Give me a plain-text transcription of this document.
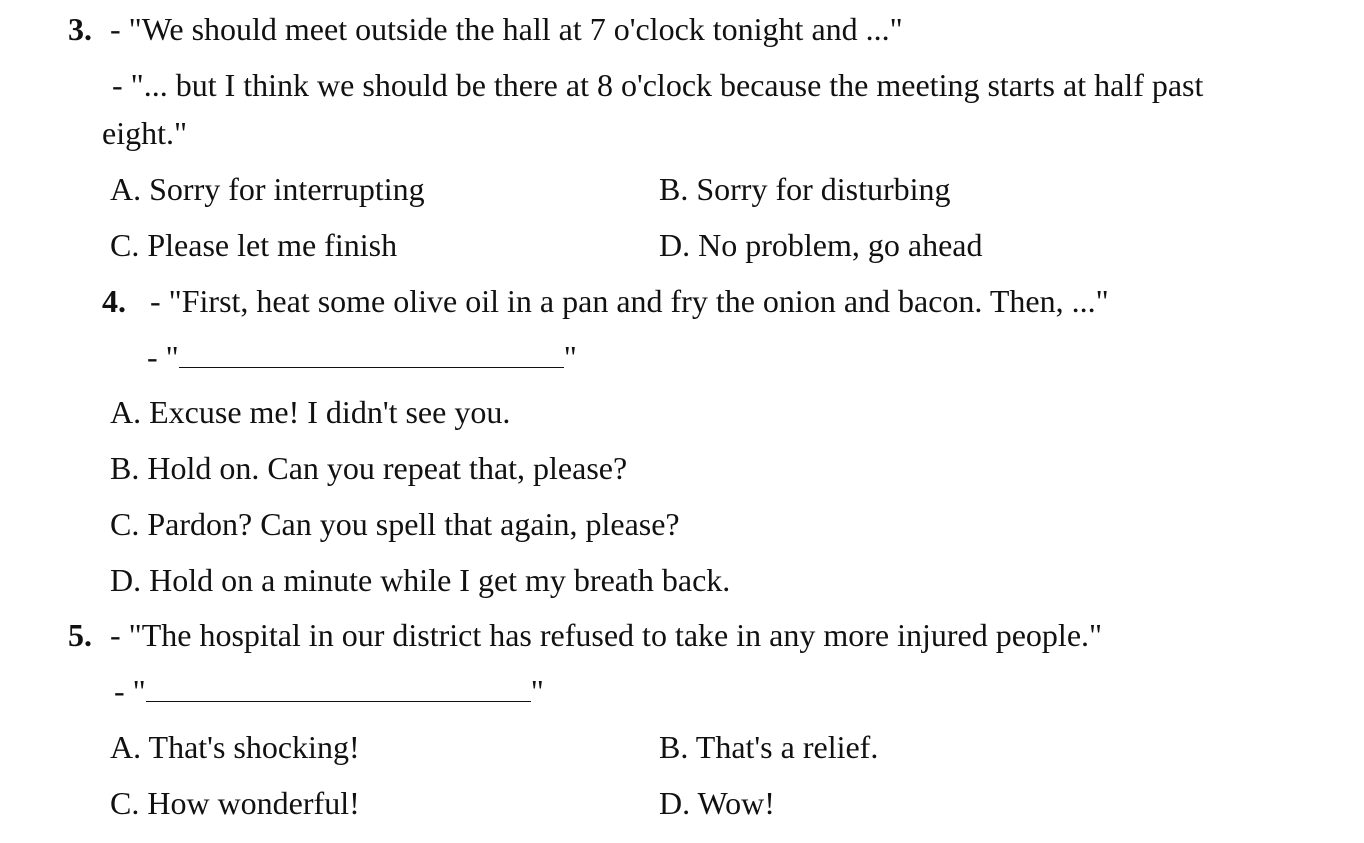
3. - "We should meet outside the hall at 7 o'clock tonight and ..."
- "... but I think we should be there at 8 o'clock because the meeting starts at half past
eight."
A. Sorry for interrupting	B. Sorry for disturbing
C. Please let me finish	D. No problem, go ahead
4. - "First, heat some olive oil in a pan and fry the onion and bacon. Then, ..."
- "	"
A. Excuse me! I didn't see you.
B. Hold on. Can you repeat that, please?
C. Pardon? Can you spell that again, please?
D. Hold on a minute while I get my breath back.
5. - "The hospital in our district has refused to take in any more injured people."
- "	"
A. That's shocking!	B. That's a relief.
C. How wonderful!	D. Wow!
